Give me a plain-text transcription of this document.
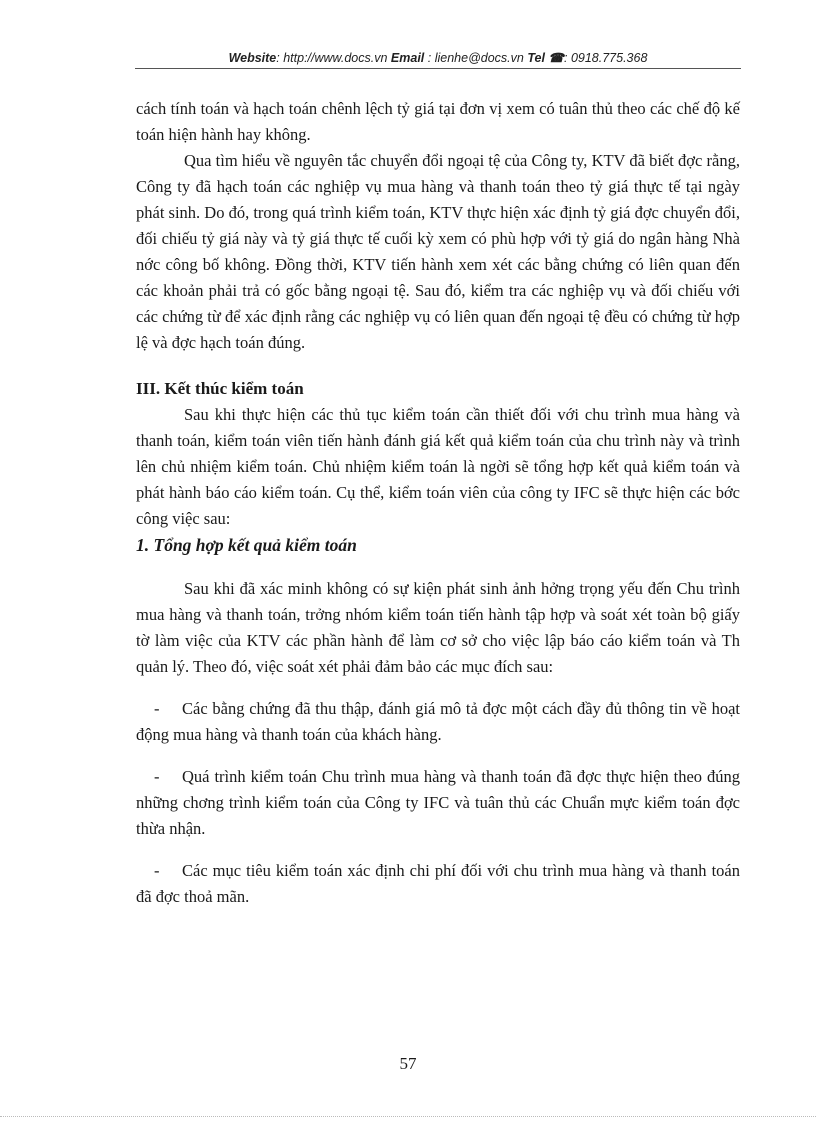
Website: http://www.docs.vn Email : lienhe@docs.vn Tel ☎: 0918.775.368

cách tính toán và hạch toán chênh lệch tỷ giá tại đơn vị xem có tuân thủ theo các chế độ kế toán hiện hành hay không.

Qua tìm hiểu về nguyên tắc chuyển đổi ngoại tệ của Công ty, KTV đã biết đợc rằng, Công ty đã hạch toán các nghiệp vụ mua hàng và thanh toán theo tỷ giá thực tế tại ngày phát sinh. Do đó, trong quá trình kiểm toán, KTV thực hiện xác định tỷ giá đợc chuyển đổi, đối chiếu tỷ giá này và tỷ giá thực tế cuối kỳ xem có phù hợp với tỷ giá do ngân hàng Nhà nớc công bố không. Đồng thời, KTV tiến hành xem xét các bằng chứng có liên quan đến các khoản phải trả có gốc bằng ngoại tệ. Sau đó, kiểm tra các nghiệp vụ và đối chiếu với các chứng từ để xác định rằng các nghiệp vụ có liên quan đến ngoại tệ đều có chứng từ hợp lệ và đợc hạch toán đúng.

III. Kết thúc kiểm toán

Sau khi thực hiện các thủ tục kiểm toán cần thiết đối với chu trình mua hàng và thanh toán, kiểm toán viên tiến hành đánh giá kết quả kiểm toán của chu trình này và trình lên chủ nhiệm kiểm toán. Chủ nhiệm kiểm toán là ngời sẽ tổng hợp kết quả kiểm toán và phát hành báo cáo kiểm toán. Cụ thể, kiểm toán viên của công ty IFC sẽ thực hiện các bớc công việc sau:

1. Tổng hợp kết quả kiểm toán

Sau khi đã xác minh không có sự kiện phát sinh ảnh hởng trọng yếu đến Chu trình mua hàng và thanh toán, trởng nhóm kiểm toán tiến hành tập hợp và soát xét toàn bộ giấy tờ làm việc của KTV các phần hành để làm cơ sở cho việc lập báo cáo kiểm toán và Th quản lý. Theo đó, việc soát xét phải đảm bảo các mục đích sau:

- Các bằng chứng đã thu thập, đánh giá mô tả đợc một cách đầy đủ thông tin về hoạt động mua hàng và thanh toán của khách hàng.

- Quá trình kiểm toán Chu trình mua hàng và thanh toán đã đợc thực hiện theo đúng những chơng trình kiểm toán của Công ty IFC và tuân thủ các Chuẩn mực kiểm toán đợc thừa nhận.

- Các mục tiêu kiểm toán xác định chi phí đối với chu trình mua hàng và thanh toán đã đợc thoả mãn.

57
